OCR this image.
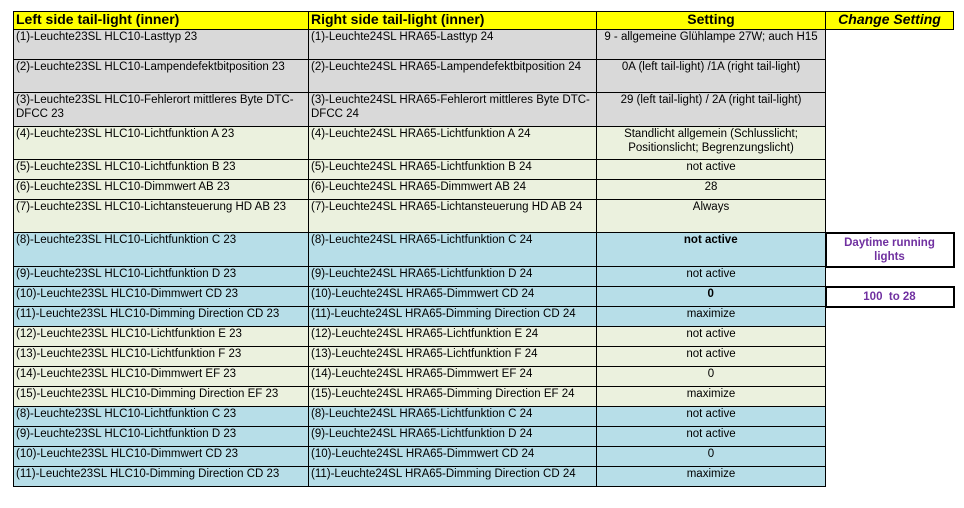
Left side tail-light (inner)	Right side tail-light (inner)	Setting	Change Setting
(1)-Leuchte23SL HLC10-Lasttyp 23	(1)-Leuchte24SL HRA65-Lasttyp 24	9 - allgemeine Glühlampe 27W; auch H15	
(2)-Leuchte23SL HLC10-Lampendefektbitposition 23	(2)-Leuchte24SL HRA65-Lampendefektbitposition 24	0A (left tail-light) /1A (right tail-light)	
(3)-Leuchte23SL HLC10-Fehlerort mittleres Byte DTC-DFCC 23	(3)-Leuchte24SL HRA65-Fehlerort mittleres Byte DTC-DFCC 24	29 (left tail-light) / 2A (right tail-light)	
(4)-Leuchte23SL HLC10-Lichtfunktion A 23	(4)-Leuchte24SL HRA65-Lichtfunktion A 24	Standlicht allgemein (Schlusslicht; Positionslicht; Begrenzungslicht)	
(5)-Leuchte23SL HLC10-Lichtfunktion B 23	(5)-Leuchte24SL HRA65-Lichtfunktion B 24	not active	
(6)-Leuchte23SL HLC10-Dimmwert AB 23	(6)-Leuchte24SL HRA65-Dimmwert AB 24	28	
(7)-Leuchte23SL HLC10-Lichtansteuerung HD AB 23	(7)-Leuchte24SL HRA65-Lichtansteuerung HD AB 24	Always	
(8)-Leuchte23SL HLC10-Lichtfunktion C 23	(8)-Leuchte24SL HRA65-Lichtfunktion C 24	not active	Daytime running lights
(9)-Leuchte23SL HLC10-Lichtfunktion D 23	(9)-Leuchte24SL HRA65-Lichtfunktion D 24	not active	
(10)-Leuchte23SL HLC10-Dimmwert CD 23	(10)-Leuchte24SL HRA65-Dimmwert CD 24	0	100  to 28
(11)-Leuchte23SL HLC10-Dimming Direction CD 23	(11)-Leuchte24SL HRA65-Dimming Direction CD 24	maximize	
(12)-Leuchte23SL HLC10-Lichtfunktion E 23	(12)-Leuchte24SL HRA65-Lichtfunktion E 24	not active	
(13)-Leuchte23SL HLC10-Lichtfunktion F 23	(13)-Leuchte24SL HRA65-Lichtfunktion F 24	not active	
(14)-Leuchte23SL HLC10-Dimmwert EF 23	(14)-Leuchte24SL HRA65-Dimmwert EF 24	0	
(15)-Leuchte23SL HLC10-Dimming Direction EF 23	(15)-Leuchte24SL HRA65-Dimming Direction EF 24	maximize	
(8)-Leuchte23SL HLC10-Lichtfunktion C 23	(8)-Leuchte24SL HRA65-Lichtfunktion C 24	not active	
(9)-Leuchte23SL HLC10-Lichtfunktion D 23	(9)-Leuchte24SL HRA65-Lichtfunktion D 24	not active	
(10)-Leuchte23SL HLC10-Dimmwert CD 23	(10)-Leuchte24SL HRA65-Dimmwert CD 24	0	
(11)-Leuchte23SL HLC10-Dimming Direction CD 23	(11)-Leuchte24SL HRA65-Dimming Direction CD 24	maximize	
